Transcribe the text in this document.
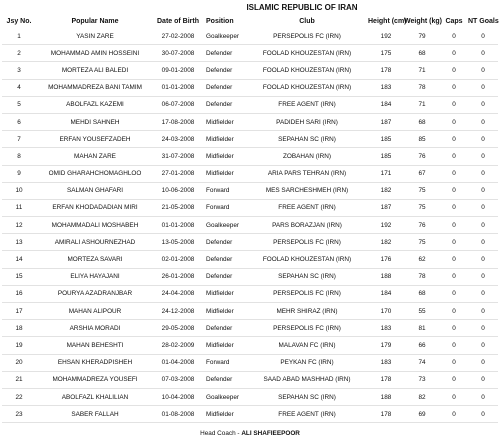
ISLAMIC REPUBLIC OF IRAN
Jsy No.	Popular Name	Date of Birth	Position	Club	Height (cm)	Weight (kg)	Caps	NT Goals
1	YASIN ZARE	27-02-2008	Goalkeeper	PERSEPOLIS FC (IRN)	192	79	0	0
2	MOHAMMAD AMIN HOSSEINI	30-07-2008	Defender	FOOLAD KHOUZESTAN (IRN)	175	68	0	0
3	MORTEZA ALI BALEDI	09-01-2008	Defender	FOOLAD KHOUZESTAN (IRN)	178	71	0	0
4	MOHAMMADREZA BANI TAMIM	01-01-2008	Defender	FOOLAD KHOUZESTAN (IRN)	183	78	0	0
5	ABOLFAZL KAZEMI	06-07-2008	Defender	FREE AGENT (IRN)	184	71	0	0
6	MEHDI SAHNEH	17-08-2008	Midfielder	PADIDEH SARI (IRN)	187	68	0	0
7	ERFAN YOUSEFZADEH	24-03-2008	Midfielder	SEPAHAN SC (IRN)	185	85	0	0
8	MAHAN ZARE	31-07-2008	Midfielder	ZOBAHAN (IRN)	185	76	0	0
9	OMID GHARAHCHOMAGHLOO	27-01-2008	Midfielder	ARIA PARS TEHRAN (IRN)	171	67	0	0
10	SALMAN GHAFARI	10-06-2008	Forward	MES SARCHESHMEH (IRN)	182	75	0	0
11	ERFAN KHODADADIAN MIRI	21-05-2008	Forward	FREE AGENT (IRN)	187	75	0	0
12	MOHAMMADALI MOSHABEH	01-01-2008	Goalkeeper	PARS BORAZJAN (IRN)	192	76	0	0
13	AMIRALI ASHOURNEZHAD	13-05-2008	Defender	PERSEPOLIS FC (IRN)	182	75	0	0
14	MORTEZA SAVARI	02-01-2008	Defender	FOOLAD KHOUZESTAN (IRN)	176	62	0	0
15	ELIYA HAYAJANI	26-01-2008	Defender	SEPAHAN SC (IRN)	188	78	0	0
16	POURYA AZADRANJBAR	24-04-2008	Midfielder	PERSEPOLIS FC (IRN)	184	68	0	0
17	MAHAN ALIPOUR	24-12-2008	Midfielder	MEHR SHIRAZ (IRN)	170	55	0	0
18	ARSHIA MORADI	29-05-2008	Defender	PERSEPOLIS FC (IRN)	183	81	0	0
19	MAHAN BEHESHTI	28-02-2009	Midfielder	MALAVAN FC (IRN)	179	66	0	0
20	EHSAN KHERADPISHEH	01-04-2008	Forward	PEYKAN FC (IRN)	183	74	0	0
21	MOHAMMADREZA YOUSEFI	07-03-2008	Defender	SAAD ABAD MASHHAD (IRN)	178	73	0	0
22	ABOLFAZL KHALILIAN	10-04-2008	Goalkeeper	SEPAHAN SC (IRN)	188	82	0	0
23	SABER FALLAH	01-08-2008	Midfielder	FREE AGENT (IRN)	178	69	0	0
Head Coach - ALI SHAFIEEPOOR
